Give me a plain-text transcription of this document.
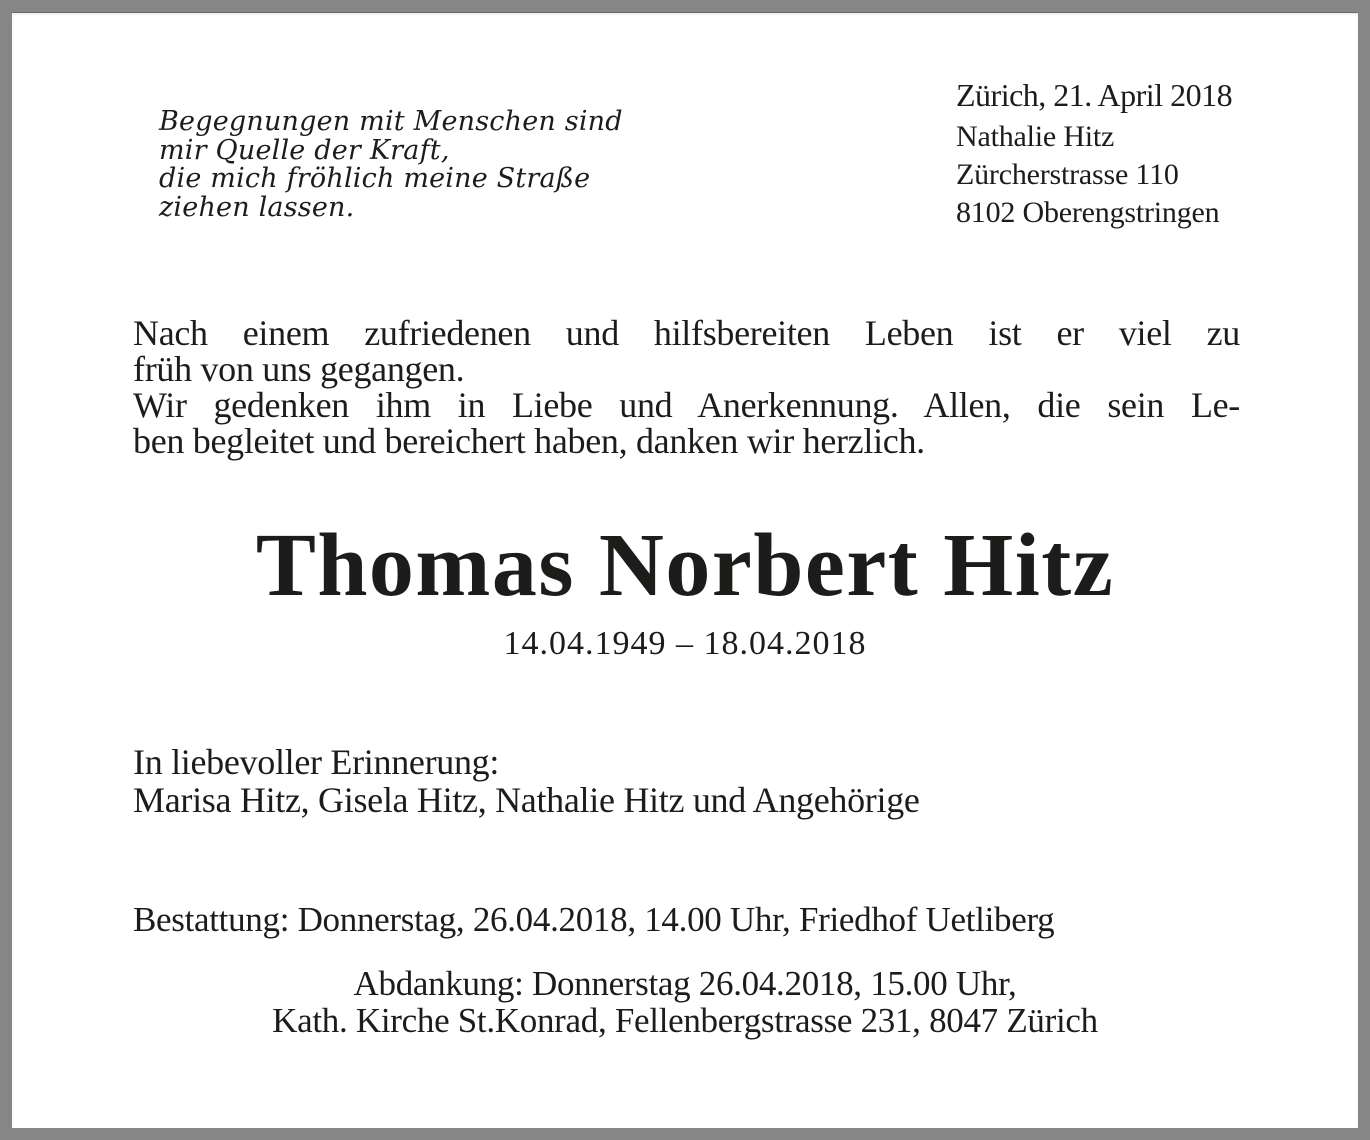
Begegnungen mit Menschen sind
mir Quelle der Kraft,
die mich fröhlich meine Straße
ziehen lassen.
Zürich, 21. April 2018
Nathalie Hitz
Zürcherstrasse 110
8102 Oberengstringen
Nach einem zufriedenen und hilfsbereiten Leben ist er viel zu
früh von uns gegangen.
Wir gedenken ihm in Liebe und Anerkennung. Allen, die sein Le-
ben begleitet und bereichert haben, danken wir herzlich.
Thomas Norbert Hitz
14.04.1949 – 18.04.2018
In liebevoller Erinnerung:
Marisa Hitz, Gisela Hitz, Nathalie Hitz und Angehörige
Bestattung: Donnerstag, 26.04.2018, 14.00 Uhr, Friedhof Uetliberg
Abdankung: Donnerstag 26.04.2018, 15.00 Uhr,
Kath. Kirche St.Konrad, Fellenbergstrasse 231, 8047 Zürich
